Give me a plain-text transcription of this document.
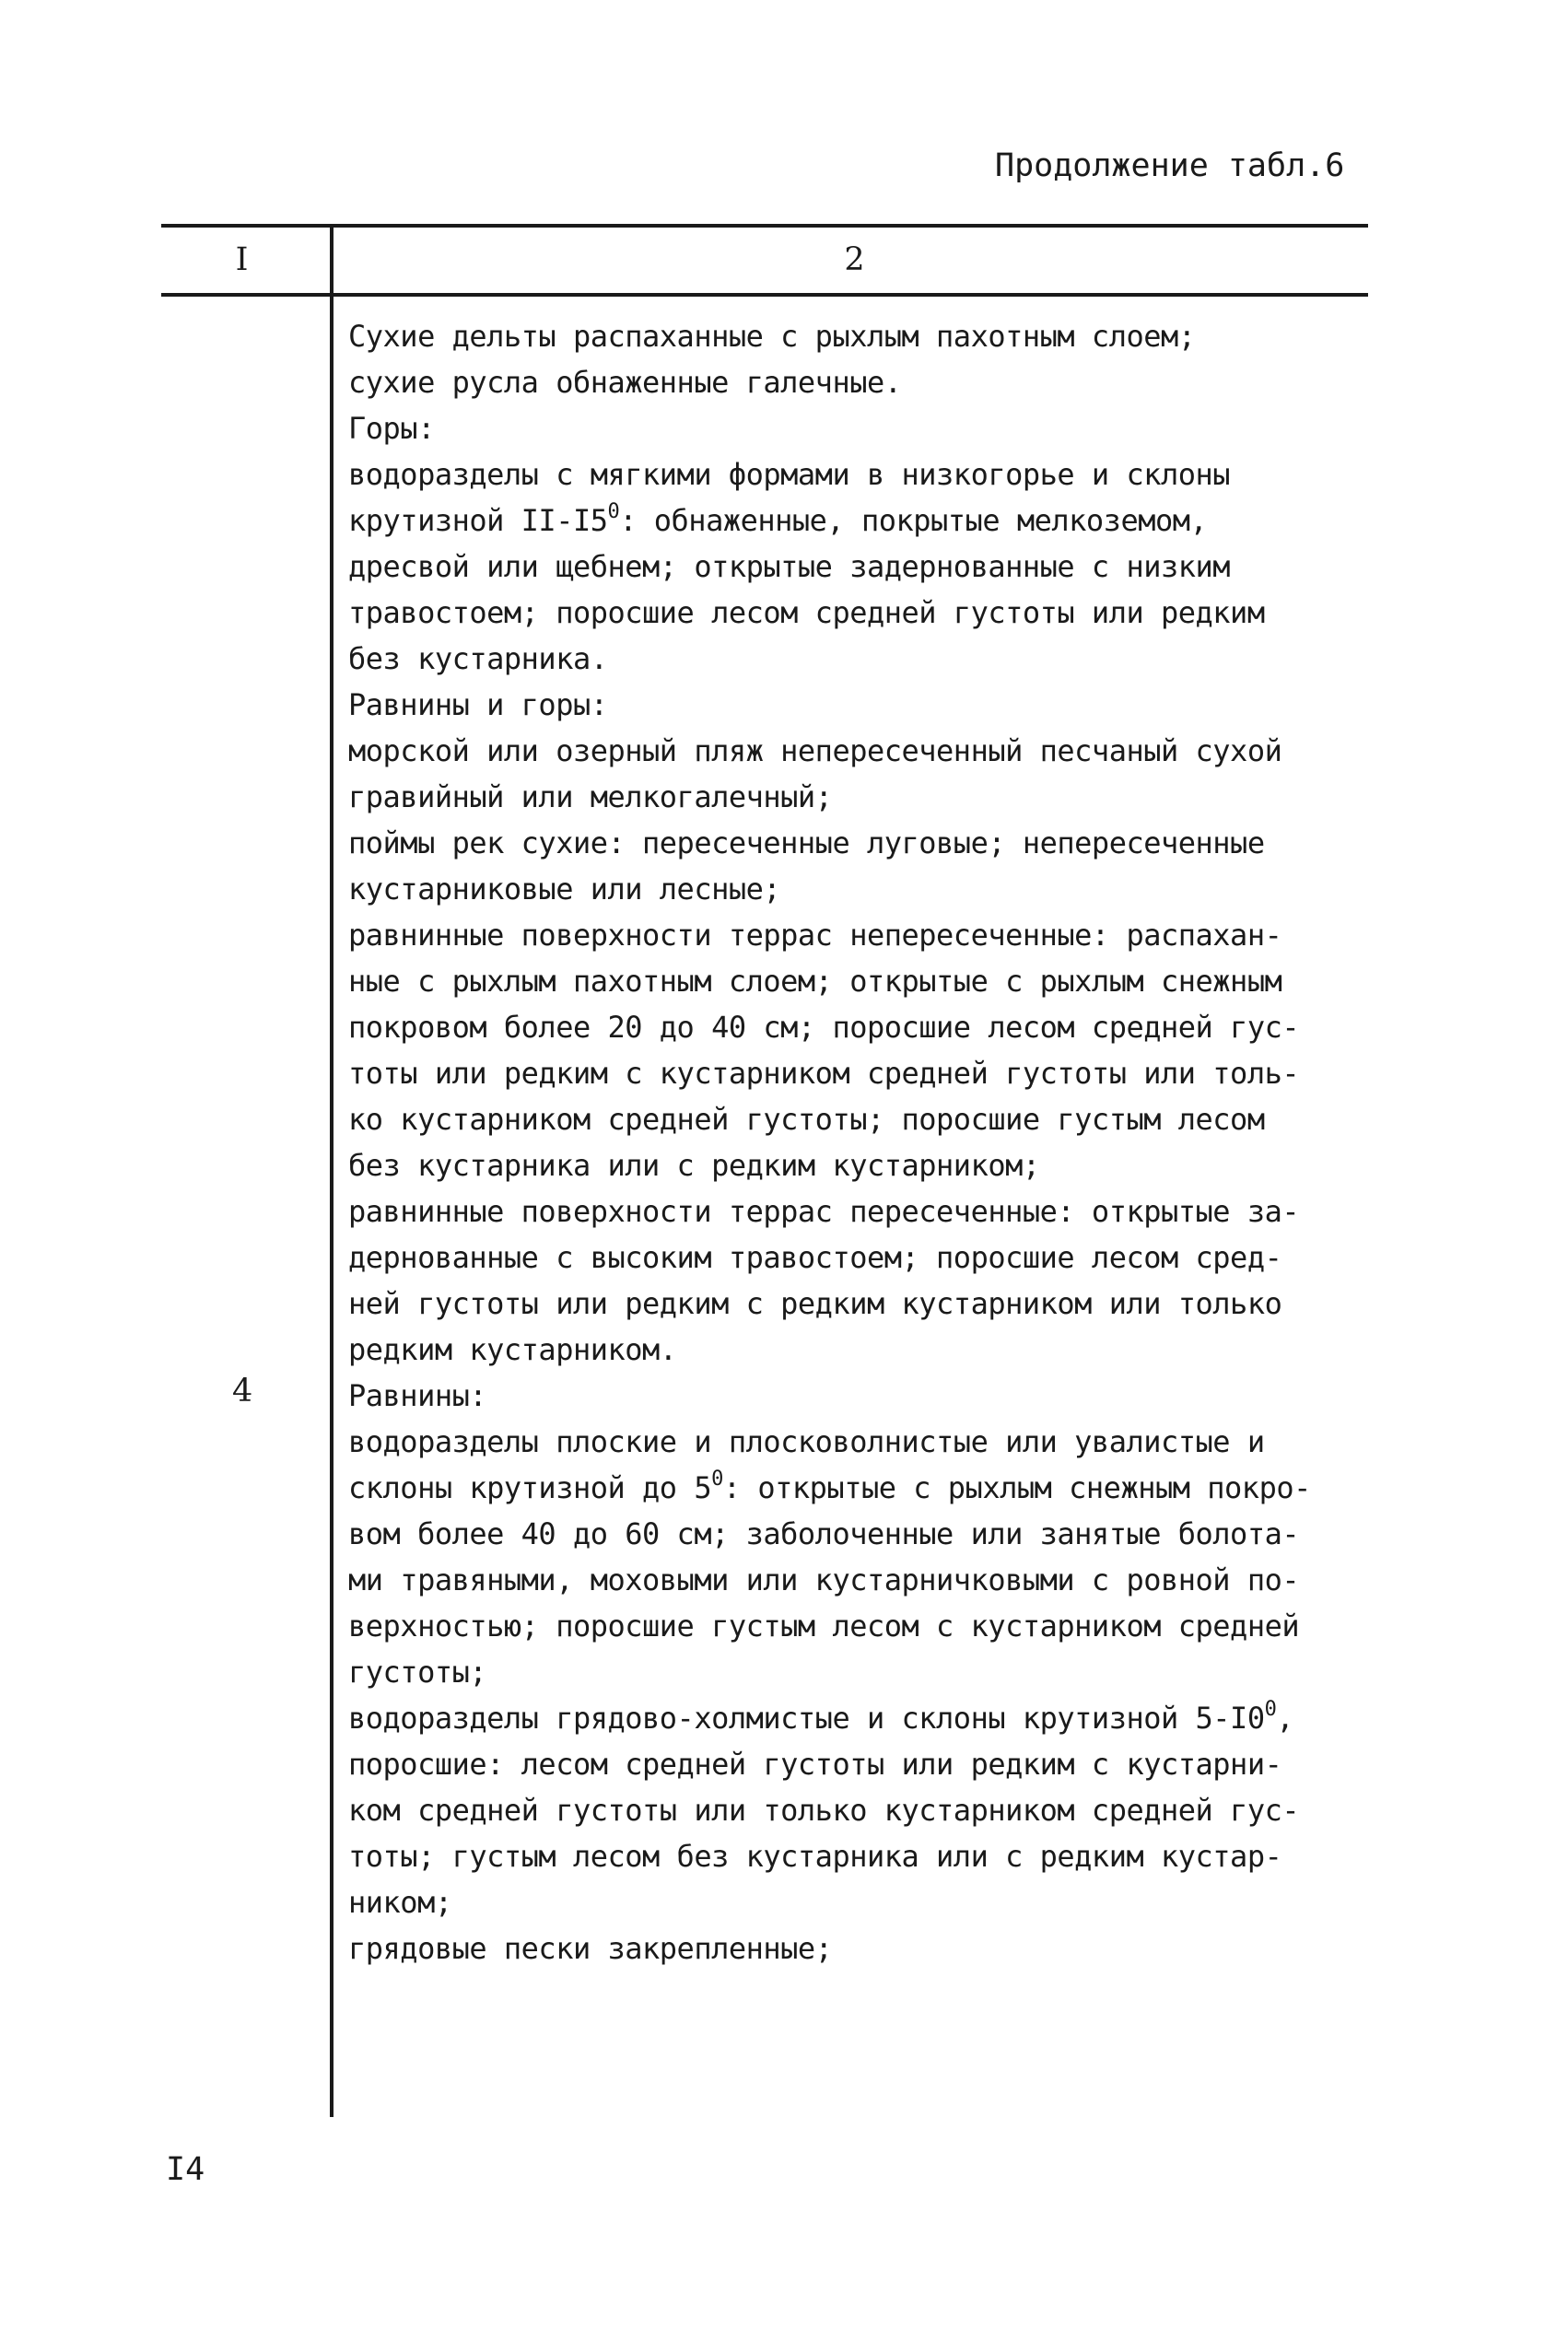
Продолжение табл.6
I	2
4
Сухие дельты распаханные с рыхлым пахотным слоем;
сухие русла обнаженные галечные.
Горы:
водоразделы с мягкими формами в низкогорье и склоны
крутизной $II-I5^0$: обнаженные, покрытые мелкоземом,
дресвой или щебнем; открытые задернованные с низким
травостоем; поросшие лесом средней густоты или редким
без кустарника.
Равнины и горы:
морской или озерный пляж непересеченный песчаный сухой
гравийный или мелкогалечный;
поймы рек сухие: пересеченные луговые; непересеченные
кустарниковые или лесные;
равнинные поверхности террас непересеченные: распахан-
ные с рыхлым пахотным слоем; открытые с рыхлым снежным
покровом более 20 до 40 см; поросшие лесом средней гус-
тоты или редким с кустарником средней густоты или толь-
ко кустарником средней густоты; поросшие густым лесом
без кустарника или с редким кустарником;
равнинные поверхности террас пересеченные: открытые за-
дернованные с высоким травостоем; поросшие лесом сред-
ней густоты или редким с редким кустарником или только
редким кустарником.
Равнины:
водоразделы плоские и плосковолнистые или увалистые и
склоны крутизной до $5^0$: открытые с рыхлым снежным покро-
вом более 40 до 60 см; заболоченные или занятые болота-
ми травяными, моховыми или кустарничковыми с ровной по-
верхностью; поросшие густым лесом с кустарником средней
густоты;
водоразделы грядово-холмистые и склоны крутизной $5-I0^0$,
поросшие: лесом средней густоты или редким с кустарни-
ком средней густоты или только кустарником средней гус-
тоты; густым лесом без кустарника или с редким кустар-
ником;
грядовые пески закрепленные;
I4
